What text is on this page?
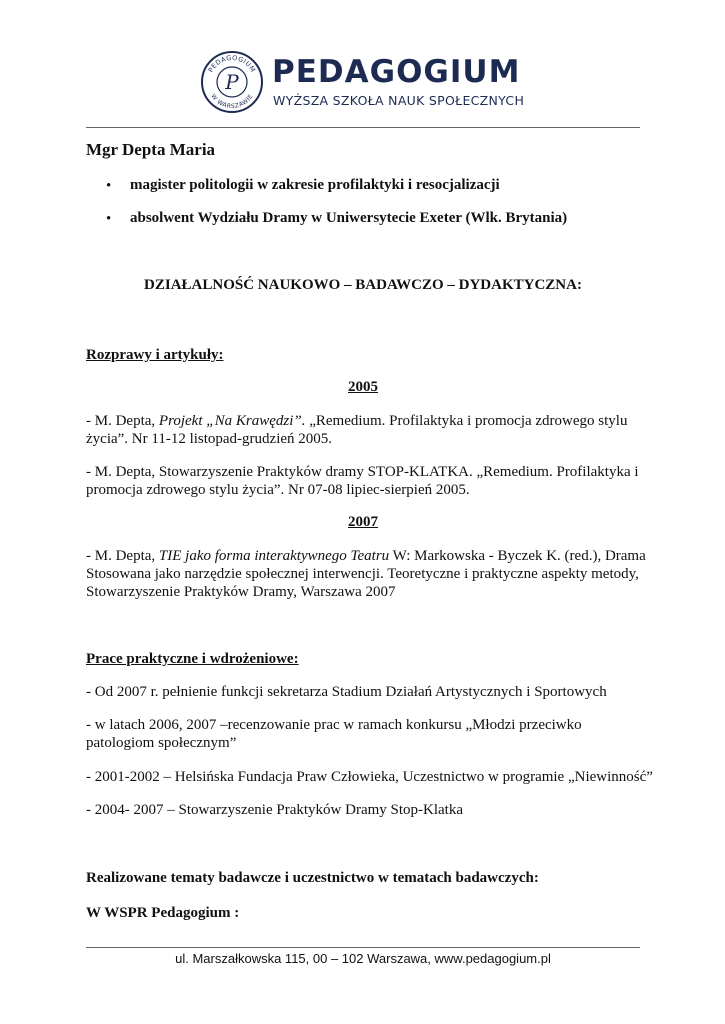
PEDAGOGIUM
W WARSZAWIE
P PEDAGOGIUM
WYŻSZA SZKOŁA NAUK SPOŁECZNYCH
Mgr Depta Maria
• magister politologii w zakresie profilaktyki i resocjalizacji
• absolwent Wydziału Dramy w Uniwersytecie Exeter (Wlk. Brytania)
DZIAŁALNOŚĆ NAUKOWO – BADAWCZO – DYDAKTYCZNA:
Rozprawy i artykuły:
2005
- M. Depta, Projekt „Na Krawędzi”. „Remedium. Profilaktyka i promocja zdrowego stylu
życia”. Nr 11-12 listopad-grudzień 2005.
- M. Depta, Stowarzyszenie Praktyków dramy STOP-KLATKA. „Remedium. Profilaktyka i
promocja zdrowego stylu życia”. Nr 07-08 lipiec-sierpień 2005.
2007
- M. Depta, TIE jako forma interaktywnego Teatru W: Markowska - Byczek K. (red.), Drama
Stosowana jako narzędzie społecznej interwencji. Teoretyczne i praktyczne aspekty metody,
Stowarzyszenie Praktyków Dramy, Warszawa 2007
Prace praktyczne i wdrożeniowe:
- Od 2007 r. pełnienie funkcji sekretarza Stadium Działań Artystycznych i Sportowych
- w latach 2006, 2007 –recenzowanie prac w ramach konkursu „Młodzi przeciwko
patologiom społecznym”
- 2001-2002 – Helsińska Fundacja Praw Człowieka, Uczestnictwo w programie „Niewinność”
- 2004- 2007 – Stowarzyszenie Praktyków Dramy Stop-Klatka
Realizowane tematy badawcze i uczestnictwo w tematach badawczych:
W WSPR Pedagogium :
ul. Marszałkowska 115, 00 – 102 Warszawa, www.pedagogium.pl
